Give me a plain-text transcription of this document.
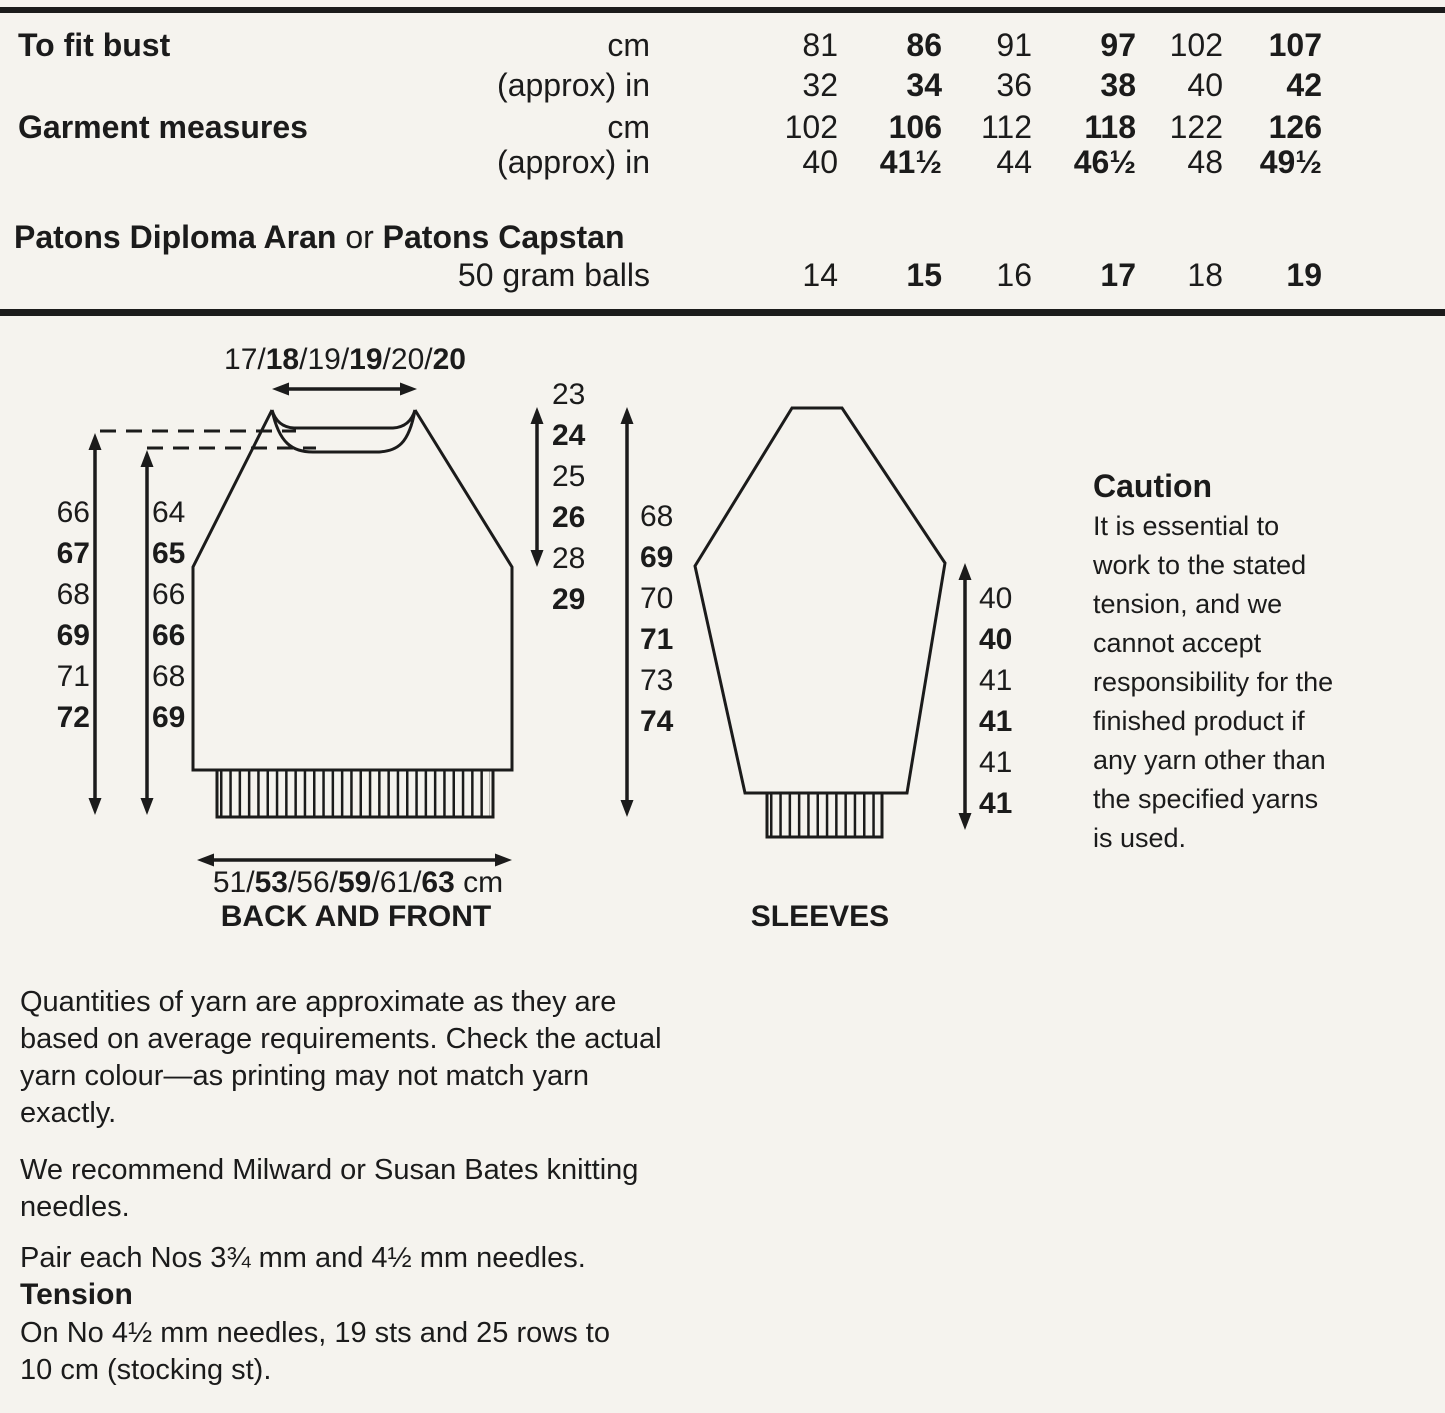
To fit bust	cm	81	86	91	97	102	107
(approx) in	32	34	36	38	40	42
Garment measures	cm	102	106	112	118	122	126
(approx) in	40	41½	44	46½	48	49½
Patons Diploma Aran or Patons Capstan
50 gram balls	14	15	16	17	18	19
66
67
68
69
71
72
64
65
66
66
68
69
23
24
25
26
28
29
68
69
70
71
73
74
40
40
41
41
41
41
17/18/19/19/20/20
51/53/56/59/61/63 cm
BACK AND FRONT	SLEEVES
Caution
It is essential to
work to the stated
tension, and we
cannot accept
responsibility for the
finished product if
any yarn other than
the specified yarns
is used.
Quantities of yarn are approximate as they are
based on average requirements. Check the actual
yarn colour—as printing may not match yarn
exactly.
We recommend Milward or Susan Bates knitting
needles.
Pair each Nos 3¾ mm and 4½ mm needles.
Tension
On No 4½ mm needles, 19 sts and 25 rows to
10 cm (stocking st).
